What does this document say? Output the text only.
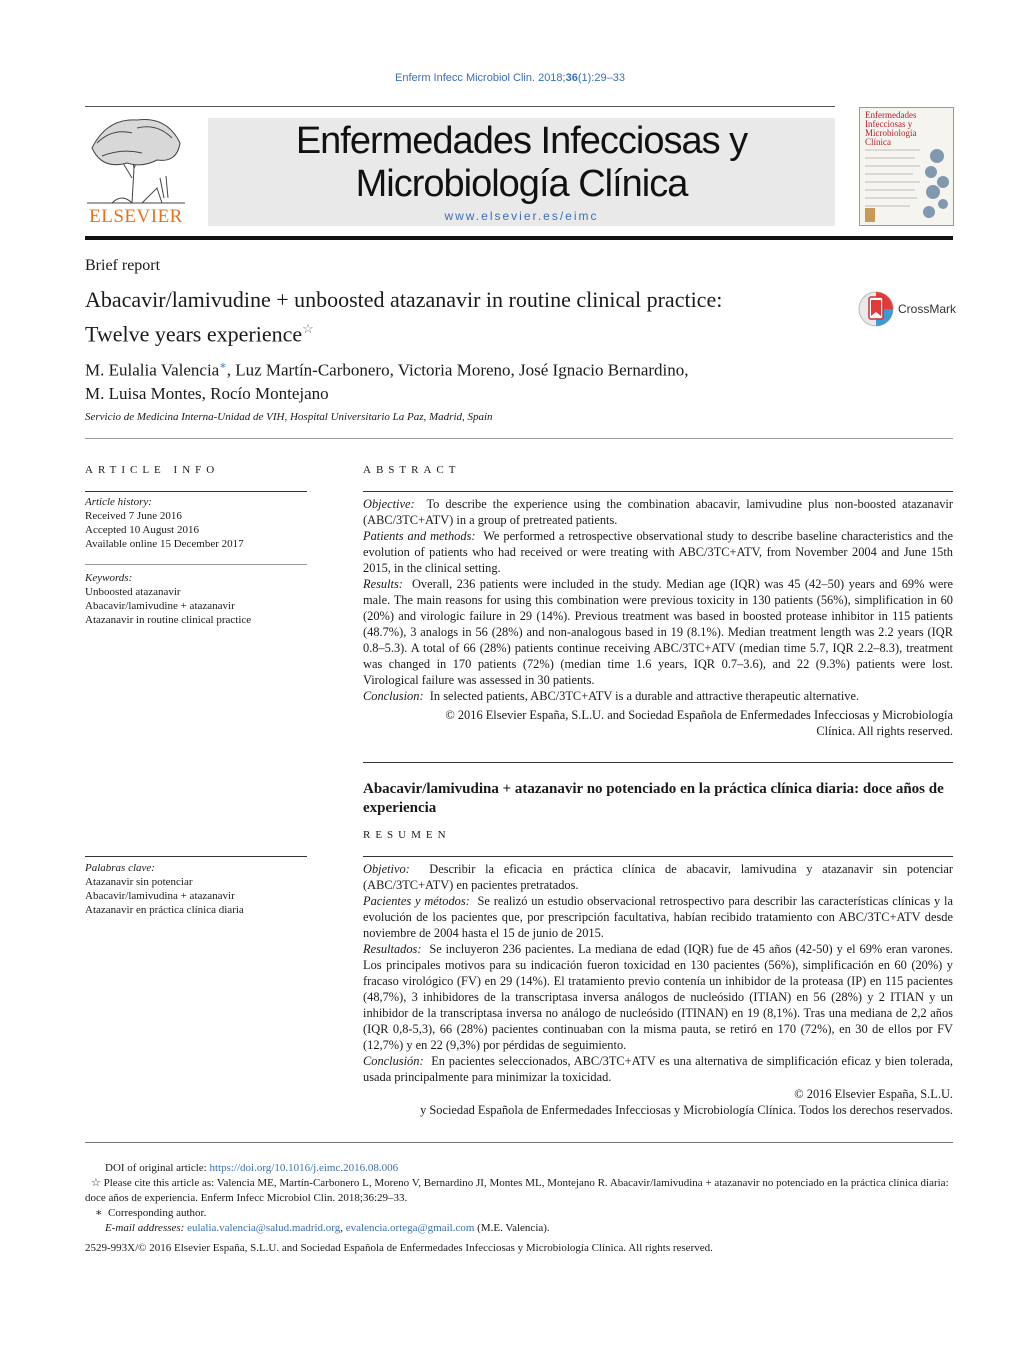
Enferm Infecc Microbiol Clin. 2018;36(1):29–33
ELSEVIER
Enfermedades Infecciosas y
Microbiología Clínica
www.elsevier.es/eimc
Enfermedades Infecciosas y Microbiología Clínica
Brief report
Abacavir/lamivudine + unboosted atazanavir in routine clinical practice: Twelve years experience☆
CrossMark
M. Eulalia Valencia∗, Luz Martín-Carbonero, Victoria Moreno, José Ignacio Bernardino,
M. Luisa Montes, Rocío Montejano
Servicio de Medicina Interna-Unidad de VIH, Hospital Universitario La Paz, Madrid, Spain
ARTICLE INFO
Article history:
Received 7 June 2016
Accepted 10 August 2016
Available online 15 December 2017
Keywords:
Unboosted atazanavir
Abacavir/lamivudine + atazanavir
Atazanavir in routine clinical practice
ABSTRACT

Objective: To describe the experience using the combination abacavir, lamivudine plus non-boosted atazanavir (ABC/3TC+ATV) in a group of pretreated patients.

Patients and methods: We performed a retrospective observational study to describe baseline characteristics and the evolution of patients who had received or were treating with ABC/3TC+ATV, from November 2004 and June 15th 2015, in the clinical setting.

Results: Overall, 236 patients were included in the study. Median age (IQR) was 45 (42–50) years and 69% were male. The main reasons for using this combination were previous toxicity in 130 patients (56%), simplification in 60 (20%) and virologic failure in 29 (14%). Previous treatment was based in boosted protease inhibitor in 115 patients (48.7%), 3 analogs in 56 (28%) and non-analogous based in 19 (8.1%). Median treatment length was 2.2 years (IQR 0.8–5.3). A total of 66 (28%) patients continue receiving ABC/3TC+ATV (median time 5.7, IQR 2.2–8.3), treatment was changed in 170 patients (72%) (median time 1.6 years, IQR 0.7–3.6), and 22 (9.3%) patients were lost. Virological failure was assessed in 30 patients.

Conclusion: In selected patients, ABC/3TC+ATV is a durable and attractive therapeutic alternative.

© 2016 Elsevier España, S.L.U. and Sociedad Española de Enfermedades Infecciosas y Microbiología
Clínica. All rights reserved.
Abacavir/lamivudina + atazanavir no potenciado en la práctica clínica diaria: doce años de experiencia
RESUMEN
Palabras clave:
Atazanavir sin potenciar
Abacavir/lamivudina + atazanavir
Atazanavir en práctica clínica diaria

Objetivo: Describir la eficacia en práctica clínica de abacavir, lamivudina y atazanavir sin potenciar (ABC/3TC+ATV) en pacientes pretratados.

Pacientes y métodos: Se realizó un estudio observacional retrospectivo para describir las características clínicas y la evolución de los pacientes que, por prescripción facultativa, habían recibido tratamiento con ABC/3TC+ATV desde noviembre de 2004 hasta el 15 de junio de 2015.

Resultados: Se incluyeron 236 pacientes. La mediana de edad (IQR) fue de 45 años (42-50) y el 69% eran varones. Los principales motivos para su indicación fueron toxicidad en 130 pacientes (56%), simplificación en 60 (20%) y fracaso virológico (FV) en 29 (14%). El tratamiento previo contenía un inhibidor de la proteasa (IP) en 115 pacientes (48,7%), 3 inhibidores de la transcriptasa inversa análogos de nucleósido (ITIAN) en 56 (28%) y 2 ITIAN y un inhibidor de la transcriptasa inversa no análogo de nucleósido (ITINAN) en 19 (8,1%). Tras una mediana de 2,2 años (IQR 0,8-5,3), 66 (28%) pacientes continuaban con la misma pauta, se retiró en 170 (72%), en 30 de ellos por FV (12,7%) y en 22 (9,3%) por pérdidas de seguimiento.

Conclusión: En pacientes seleccionados, ABC/3TC+ATV es una alternativa de simplificación eficaz y bien tolerada, usada principalmente para minimizar la toxicidad.

© 2016 Elsevier España, S.L.U.
y Sociedad Española de Enfermedades Infecciosas y Microbiología Clínica. Todos los derechos reservados.
DOI of original article: https://doi.org/10.1016/j.eimc.2016.08.006
☆ Please cite this article as: Valencia ME, Martín-Carbonero L, Moreno V, Bernardino JI, Montes ML, Montejano R. Abacavir/lamivudina + atazanavir no potenciado en la práctica clínica diaria: doce años de experiencia. Enferm Infecc Microbiol Clin. 2018;36:29–33.
∗ Corresponding author.
E-mail addresses: eulalia.valencia@salud.madrid.org, evalencia.ortega@gmail.com (M.E. Valencia).
2529-993X/© 2016 Elsevier España, S.L.U. and Sociedad Española de Enfermedades Infecciosas y Microbiología Clínica. All rights reserved.
